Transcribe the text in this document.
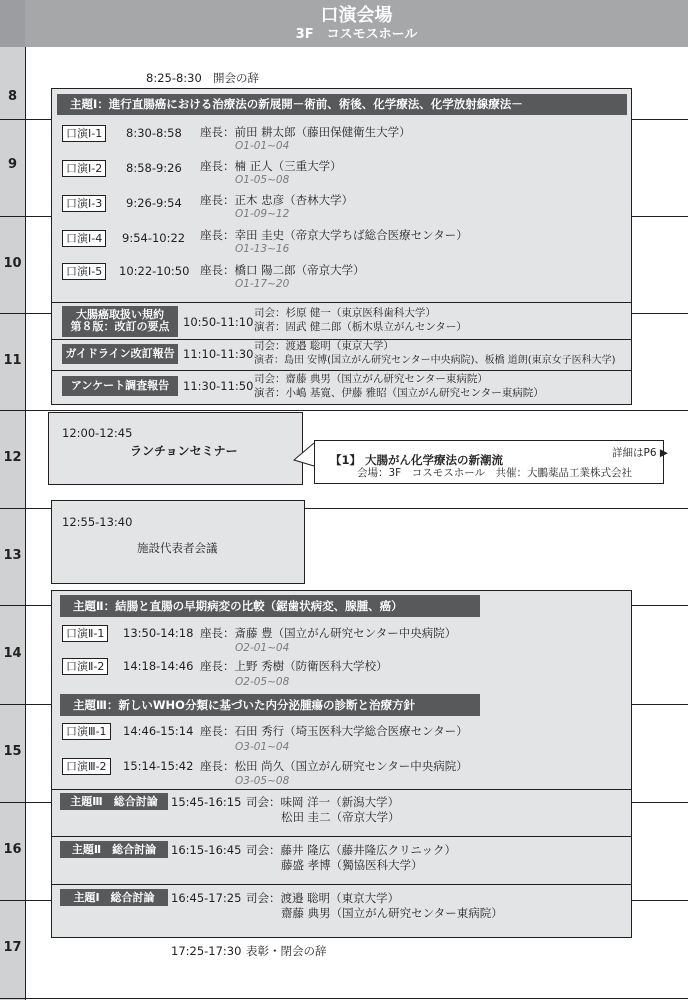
口演会場
3F　コスモスホール
8
9
10
11
12
13
14
15
16
17
8:25-8:30 開会の辞
主題Ⅰ：進行直腸癌における治療法の新展開－術前、術後、化学療法、化学放射線療法－
口演Ⅰ-1	8:30-8:58 座長：前田 耕太郎（藤田保健衛生大学）
O1-01~04
口演Ⅰ-2	8:58-9:26 座長：楠 正人（三重大学）
O1-05~08
口演Ⅰ-3	9:26-9:54 座長：正木 忠彦（杏林大学）
O1-09~12
口演Ⅰ-4	9:54-10:22 座長：幸田 圭史（帝京大学ちば総合医療センター）
O1-13~16
口演Ⅰ-5	10:22-10:50 座長：橋口 陽二郎（帝京大学）
O1-17~20
大腸癌取扱い規約
第８版：改訂の要点	10:50-11:10
司会：杉原 健一（東京医科歯科大学）
演者：固武 健二郎（栃木県立がんセンター）
ガイドライン改訂報告 11:10-11:30
司会：渡邉 聡明（東京大学）
演者：島田 安博(国立がん研究センター中央病院)、板橋 道朗(東京女子医科大学)
アンケート調査報告	11:30-11:50 司会：齋藤 典男（国立がん研究センター東病院）
演者：小嶋 基寛、伊藤 雅昭（国立がん研究センター東病院）
12:00-12:45
ランチョンセミナー
【1】 大腸がん化学療法の新潮流	詳細はP6 ▶
会場：3F　コスモスホール　共催：大鵬薬品工業株式会社
12:55-13:40
施設代表者会議
主題Ⅱ：結腸と直腸の早期病変の比較（鋸歯状病変、腺腫、癌）
口演Ⅱ-1	13:50-14:18 座長：斎藤 豊（国立がん研究センター中央病院）
O2-01~04
口演Ⅱ-2	14:18-14:46 座長：上野 秀樹（防衛医科大学校）
O2-05~08
主題Ⅲ：新しいWHO分類に基づいた内分泌腫瘍の診断と治療方針
口演Ⅲ-1	14:46-15:14 座長：石田 秀行（埼玉医科大学総合医療センター）
O3-01~04
口演Ⅲ-2	15:14-15:42 座長：松田 尚久（国立がん研究センター中央病院）
O3-05~08
主題Ⅲ　総合討論	15:45-16:15 司会：味岡 洋一（新潟大学）
松田 圭二（帝京大学）
主題Ⅱ　総合討論	16:15-16:45 司会：藤井 隆広（藤井隆広クリニック）
藤盛 孝博（獨協医科大学）
主題Ⅰ　総合討論	16:45-17:25 司会：渡邉 聡明（東京大学）
齋藤 典男（国立がん研究センター東病院）
17:25-17:30 表彰・閉会の辞
